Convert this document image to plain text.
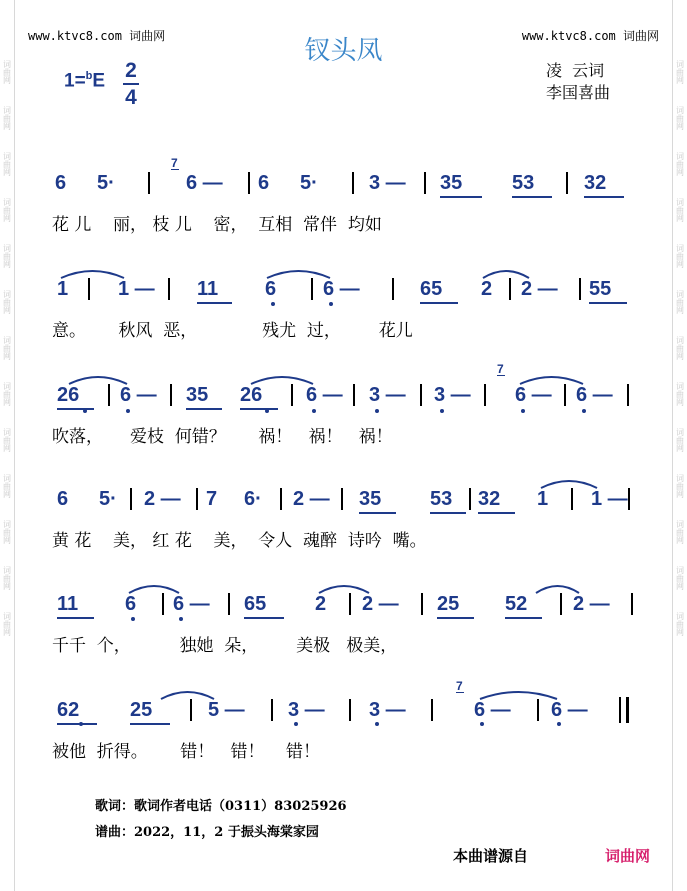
词曲网
词曲网
词曲网
词曲网
词曲网
词曲网
词曲网
词曲网
词曲网
词曲网
词曲网
词曲网
词曲网
词曲网
词曲网
词曲网
词曲网
词曲网
词曲网
词曲网
词曲网
词曲网
词曲网
词曲网
词曲网
词曲网
www.ktvc8.com 词曲网	www.ktvc8.com 词曲网
钗头凤
1=$^b$E 2
4
凌  云词
李国喜曲
6 5·	6 — 6 5·	3 — 35 53 32
7
花 儿    丽， 枝 儿    密，  互相  常伴  均如
1 1 — 11 6 6 —	65 2 2 — 55
意。      秋风  恶，            残尤  过，       花儿
26 6 — 35 26 6 — 3 — 3 — 6 — 6 —
7
吹落，     爱枝  何错？      祸！   祸！   祸！
6 5· 2 — 7 6· 2 — 35 53 32 1 1 —
黄 花    美， 红 花    美，  令人  魂醉  诗吟  嘴。
11 6 6 — 65 2 2 — 25 52 2 —
千千  个，         独她  朵，       美极   极美，
62	25	5 — 3 — 3 —	6 — 6 —
7
被他  折得。      错！   错！    错！
歌词：歌词作者电话（0311）83025926
谱曲：2022，11，2 于振头海棠家园
本曲谱源自	词曲网
